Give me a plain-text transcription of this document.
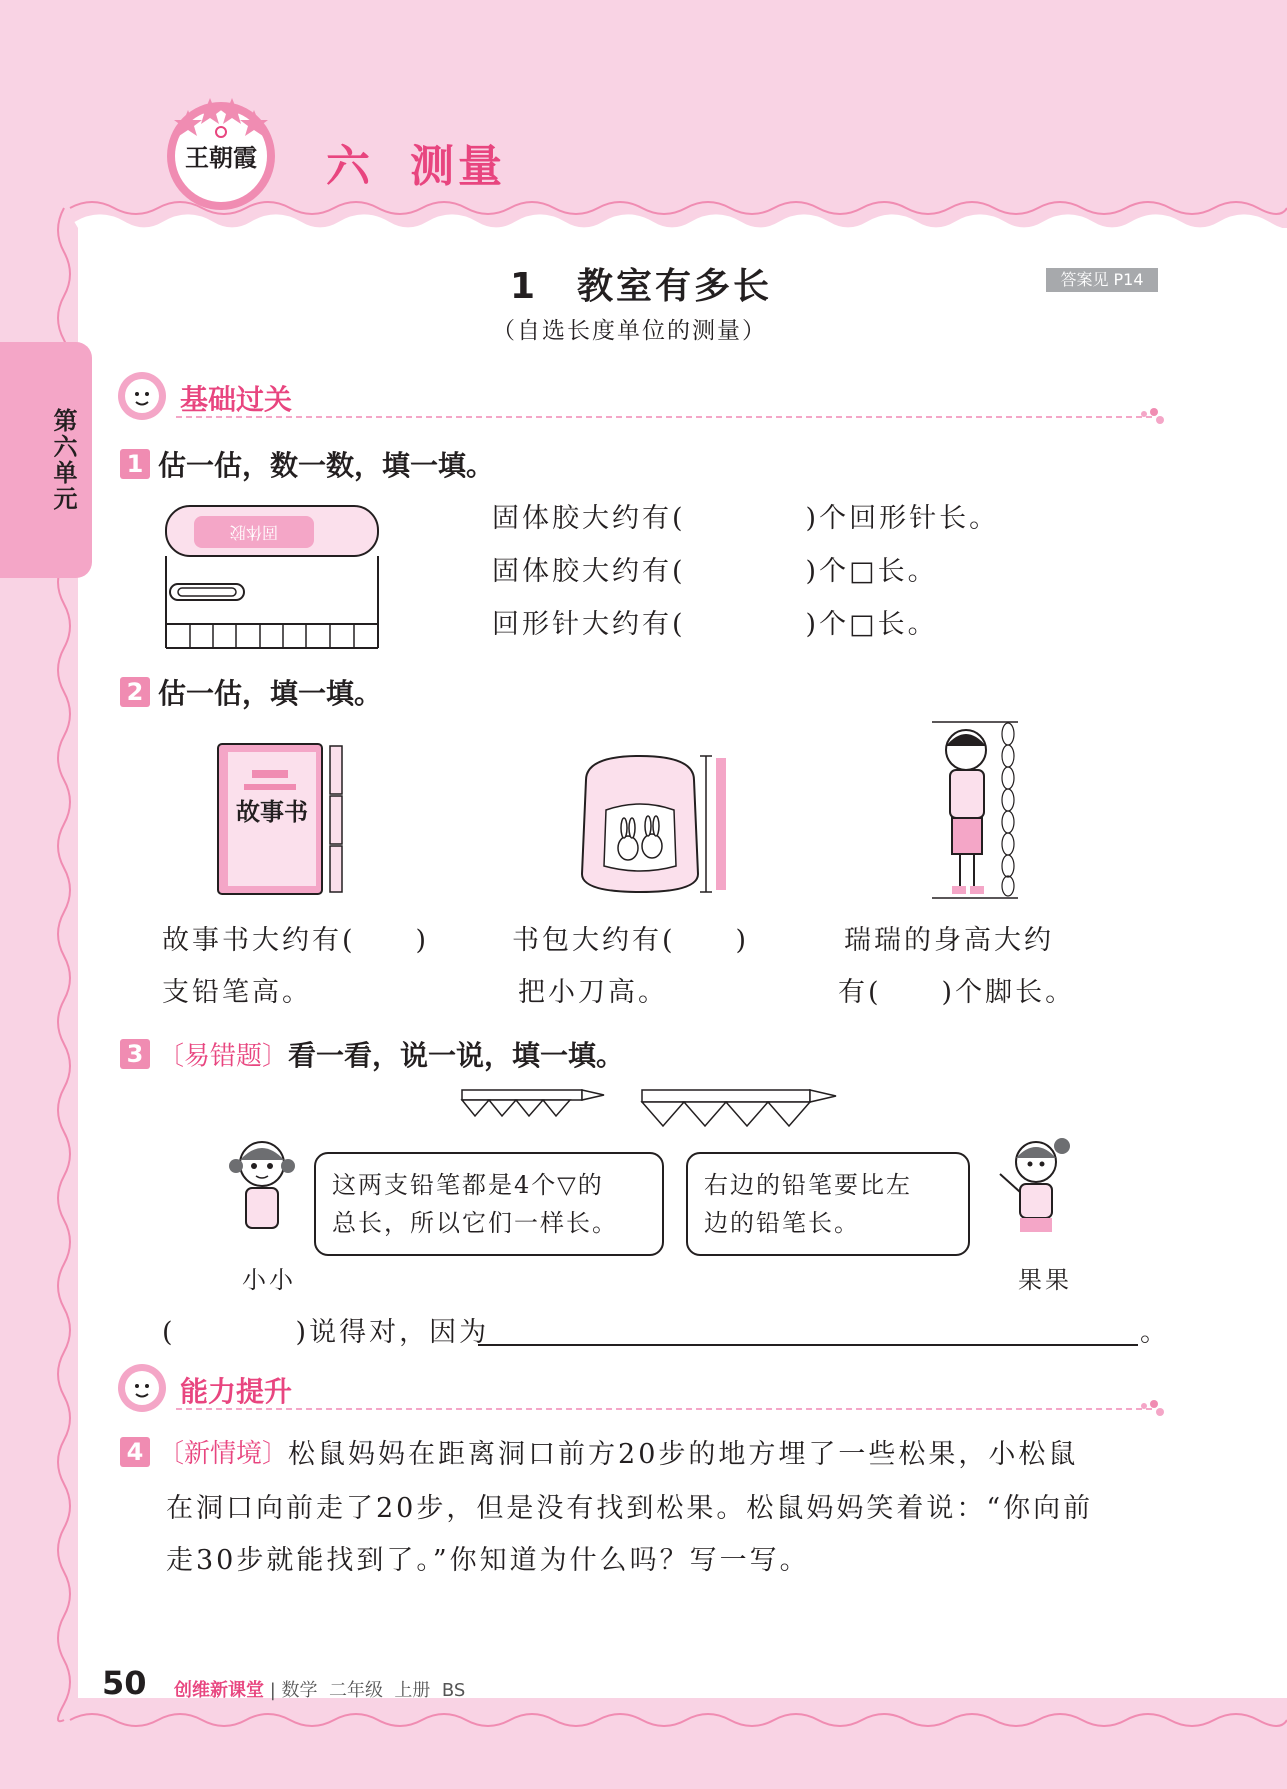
第六单元
王朝霞 六 测量
1　教室有多长
（自选长度单位的测量）
答案见 P14
基础过关
1 估一估，数一数，填一填。
固体胶	固体胶大约有(　　　　)个回形针长。
固体胶大约有(　　　　)个□长。
回形针大约有(　　　　)个□长。
2 估一估，填一填。
故事书
故事书大约有(　　)
支铅笔高。
书包大约有(　　)
把小刀高。
瑞瑞的身高大约
有(　　)个脚长。
3 〔易错题〕看一看，说一说，填一填。
这两支铅笔都是4个▽的
总长，所以它们一样长。
右边的铅笔要比左
边的铅笔长。
小小	果果
(　　　　)说得对，因为	。
能力提升
4 〔新情境〕松鼠妈妈在距离洞口前方20步的地方埋了一些松果，小松鼠
在洞口向前走了20步，但是没有找到松果。松鼠妈妈笑着说：“你向前
走30步就能找到了。”你知道为什么吗？写一写。
50 创维新课堂 | 数学 二年级 上册 BS
